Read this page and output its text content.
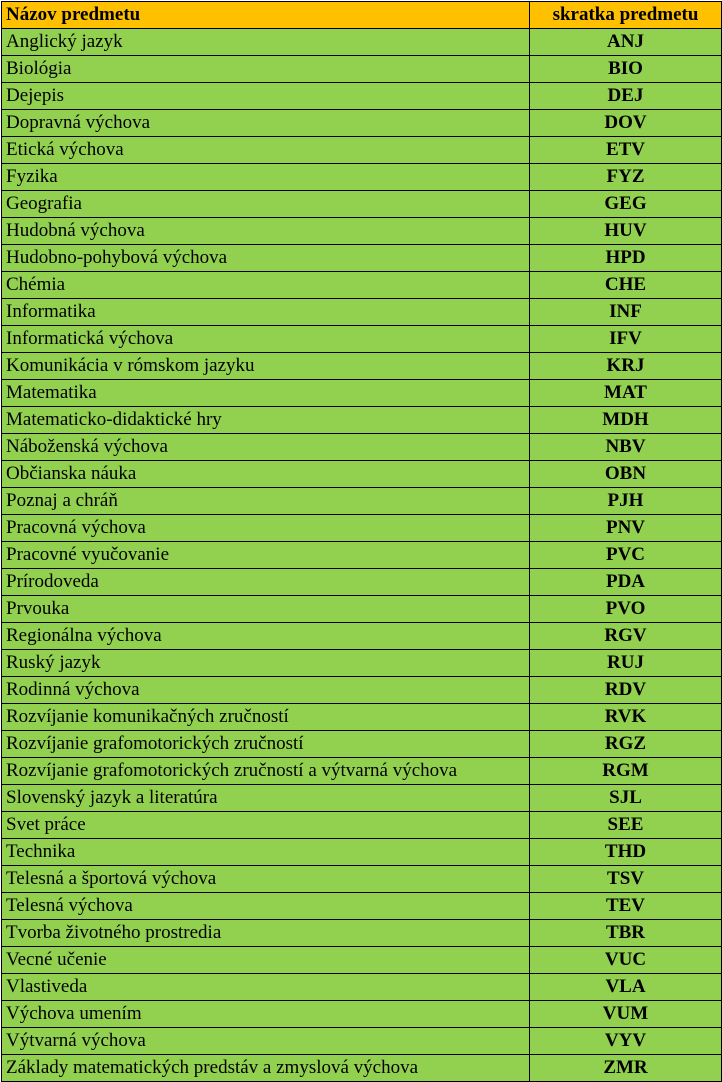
Názov predmetu	skratka predmetu
Anglický jazyk	ANJ
Biológia	BIO
Dejepis	DEJ
Dopravná výchova	DOV
Etická výchova	ETV
Fyzika	FYZ
Geografia	GEG
Hudobná výchova	HUV
Hudobno-pohybová výchova	HPD
Chémia	CHE
Informatika	INF
Informatická výchova	IFV
Komunikácia v rómskom jazyku	KRJ
Matematika	MAT
Matematicko-didaktické hry	MDH
Náboženská výchova	NBV
Občianska náuka	OBN
Poznaj a chráň	PJH
Pracovná výchova	PNV
Pracovné vyučovanie	PVC
Prírodoveda	PDA
Prvouka	PVO
Regionálna výchova	RGV
Ruský jazyk	RUJ
Rodinná výchova	RDV
Rozvíjanie komunikačných zručností	RVK
Rozvíjanie grafomotorických zručností	RGZ
Rozvíjanie grafomotorických zručností a výtvarná výchova	RGM
Slovenský jazyk a literatúra	SJL
Svet práce	SEE
Technika	THD
Telesná a športová výchova	TSV
Telesná výchova	TEV
Tvorba životného prostredia	TBR
Vecné učenie	VUC
Vlastiveda	VLA
Výchova umením	VUM
Výtvarná výchova	VYV
Základy matematických predstáv a zmyslová výchova	ZMR
